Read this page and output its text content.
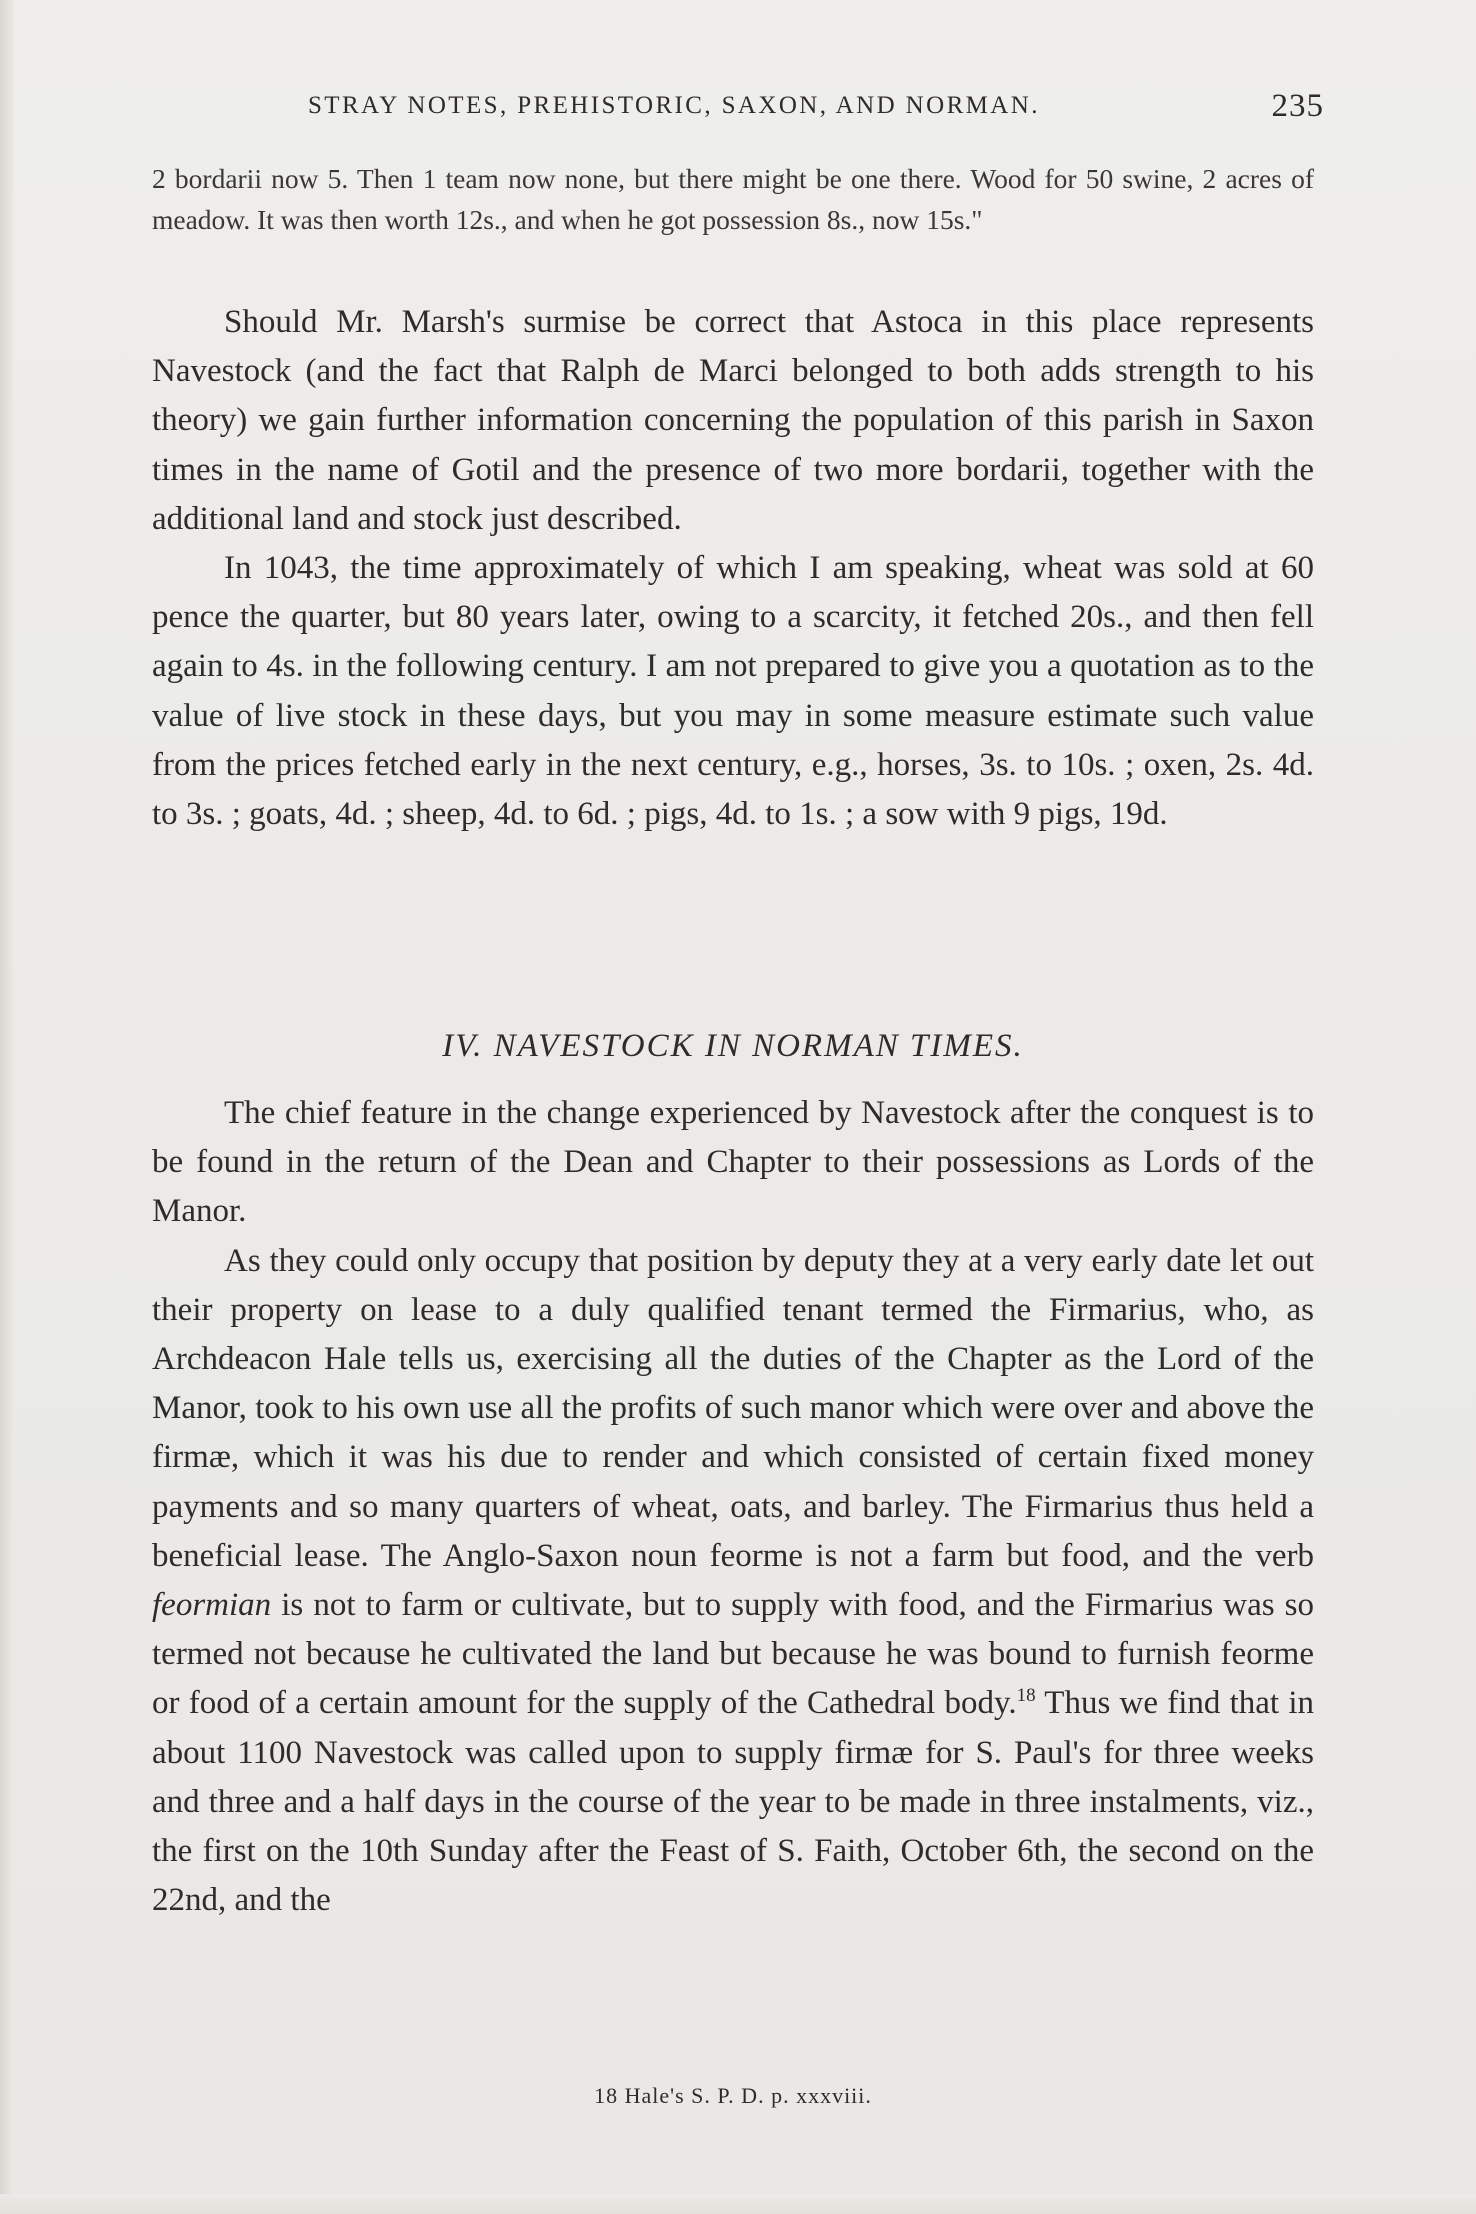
STRAY NOTES, PREHISTORIC, SAXON, AND NORMAN.	235

2 bordarii now 5. Then 1 team now none, but there might be one there. Wood for 50 swine, 2 acres of meadow. It was then worth 12s., and when he got possession 8s., now 15s."

Should Mr. Marsh's surmise be correct that Astoca in this place represents Navestock (and the fact that Ralph de Marci belonged to both adds strength to his theory) we gain further information concerning the population of this parish in Saxon times in the name of Gotil and the presence of two more bordarii, together with the additional land and stock just described.

In 1043, the time approximately of which I am speaking, wheat was sold at 60 pence the quarter, but 80 years later, owing to a scarcity, it fetched 20s., and then fell again to 4s. in the following century. I am not prepared to give you a quotation as to the value of live stock in these days, but you may in some measure estimate such value from the prices fetched early in the next century, e.g., horses, 3s. to 10s. ; oxen, 2s. 4d. to 3s. ; goats, 4d. ; sheep, 4d. to 6d. ; pigs, 4d. to 1s. ; a sow with 9 pigs, 19d.

IV. NAVESTOCK IN NORMAN TIMES.

The chief feature in the change experienced by Navestock after the conquest is to be found in the return of the Dean and Chapter to their possessions as Lords of the Manor.

As they could only occupy that position by deputy they at a very early date let out their property on lease to a duly qualified tenant termed the Firmarius, who, as Archdeacon Hale tells us, exercising all the duties of the Chapter as the Lord of the Manor, took to his own use all the profits of such manor which were over and above the firmæ, which it was his due to render and which consisted of certain fixed money payments and so many quarters of wheat, oats, and barley. The Firmarius thus held a beneficial lease. The Anglo-Saxon noun feorme is not a farm but food, and the verb feormian is not to farm or cultivate, but to supply with food, and the Firmarius was so termed not because he cultivated the land but because he was bound to furnish feorme or food of a certain amount for the supply of the Cathedral body.$^{18}$ Thus we find that in about 1100 Navestock was called upon to supply firmæ for S. Paul's for three weeks and three and a half days in the course of the year to be made in three instalments, viz., the first on the 10th Sunday after the Feast of S. Faith, October 6th, the second on the 22nd, and the

18 Hale's S. P. D. p. xxxviii.
